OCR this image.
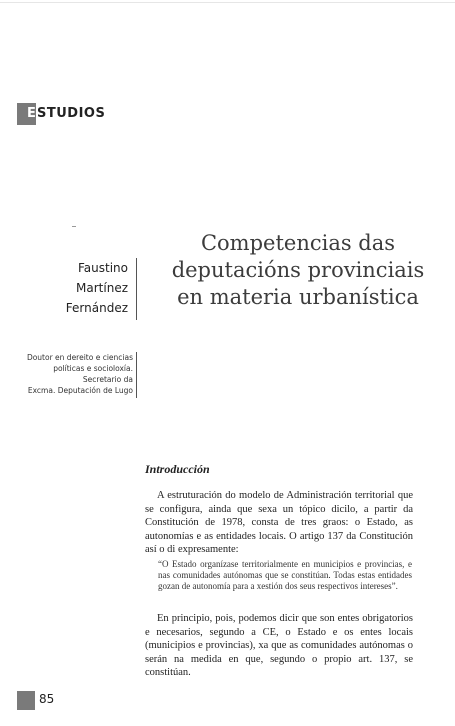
E STUDIOS
Faustino
Martínez
Fernández
Competencias das
deputacións provinciais
en materia urbanística
Doutor en dereito e ciencias
políticas e socioloxía.
Secretario da
Excma. Deputación de Lugo
Introducción

A estruturación do modelo de Administración territorial que se configura, ainda que sexa un tópico dicilo, a partir da Constitución de 1978, consta de tres graos: o Estado, as autonomías e as entidades locais. O artigo 137 da Constitución así o di expresamente:

“O Estado organízase territorialmente en municipios e provincias, e nas comunidades autónomas que se constitúan. Todas estas entidades gozan de autonomía para a xestión dos seus respectivos intereses”.

En principio, pois, podemos dicir que son entes obrigatorios e necesarios, segundo a CE, o Estado e os entes locais (municipios e provincias), xa que as comunidades autónomas o serán na medida en que, segundo o propio art. 137, se constitúan.

85
